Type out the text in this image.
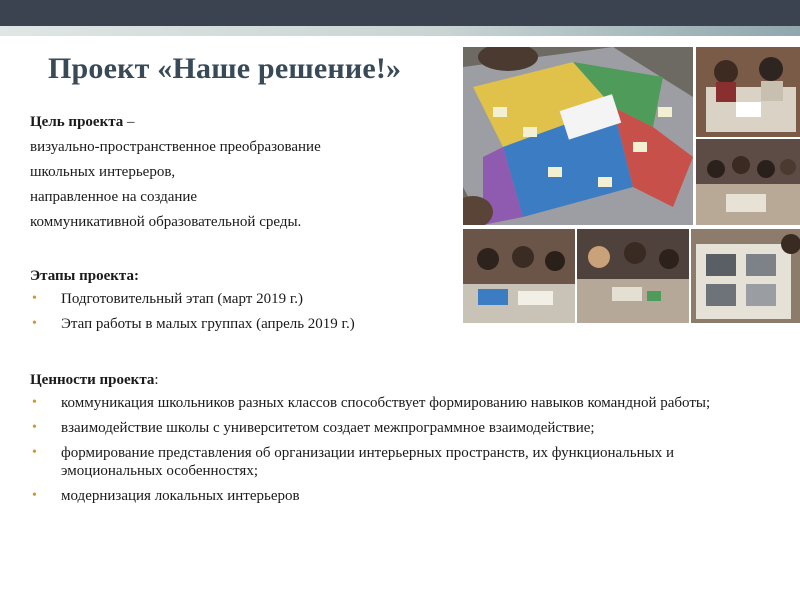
Проект «Наше решение!»

Цель проекта –

визуально-пространственное преобразование

школьных интерьеров,

направленное на создание

коммуникативной образовательной среды.

Этапы проекта:

• Подготовительный этап (март 2019 г.)
• Этап работы в малых группах (апрель 2019 г.)

Ценности проекта:

• коммуникация школьников разных классов способствует формированию навыков командной работы;
• взаимодействие школы с университетом создает межпрограммное взаимодействие;
• формирование представления об организации интерьерных пространств, их функциональных и эмоциональных особенностях;
• модернизация локальных интерьеров
